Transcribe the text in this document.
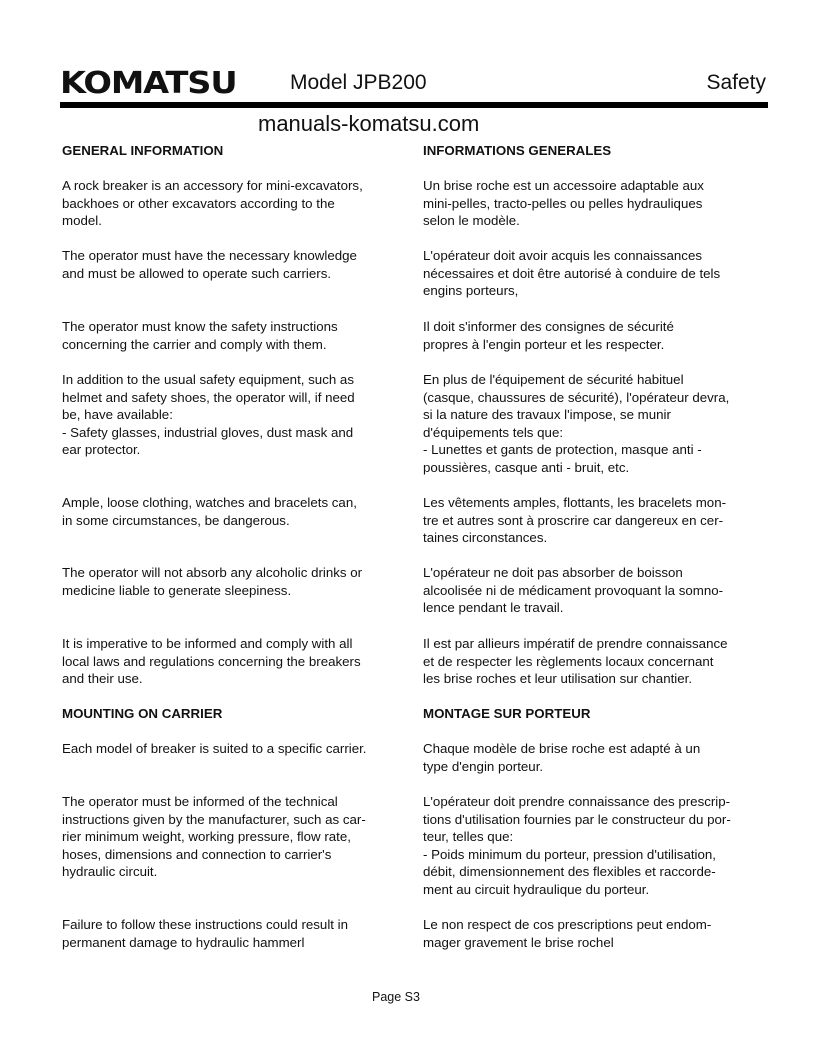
KOMATSU	Model JPB200	Safety
manuals-komatsu.com
GENERAL INFORMATION	INFORMATIONS GENERALES
A rock breaker is an accessory for mini-excavators,
backhoes or other excavators according to the
model.
Un brise roche est un accessoire adaptable aux
mini-pelles, tracto-pelles ou pelles hydrauliques
selon le modèle.
The operator must have the necessary knowledge
and must be allowed to operate such carriers.
L'opérateur doit avoir acquis les connaissances
nécessaires et doit être autorisé à conduire de tels
engins porteurs,
The operator must know the safety instructions
concerning the carrier and comply with them.
Il doit s'informer des consignes de sécurité
propres à l'engin porteur et les respecter.
In addition to the usual safety equipment, such as
helmet and safety shoes, the operator will, if need
be, have available:
- Safety glasses, industrial gloves, dust mask and
ear protector.
En plus de l'équipement de sécurité habituel
(casque, chaussures de sécurité), l'opérateur devra,
si la nature des travaux l'impose, se munir
d'équipements tels que:
- Lunettes et gants de protection, masque anti -
poussières, casque anti - bruit, etc.
Ample, loose clothing, watches and bracelets can,
in some circumstances, be dangerous.
Les vêtements amples, flottants, les bracelets mon-
tre et autres sont à proscrire car dangereux en cer-
taines circonstances.
The operator will not absorb any alcoholic drinks or
medicine liable to generate sleepiness.
L'opérateur ne doit pas absorber de boisson
alcoolisée ni de médicament provoquant la somno-
lence pendant le travail.
It is imperative to be informed and comply with all
local laws and regulations concerning the breakers
and their use.
Il est par allieurs impératif de prendre connaissance
et de respecter les règlements locaux concernant
les brise roches et leur utilisation sur chantier.
MOUNTING ON CARRIER	MONTAGE SUR PORTEUR
Each model of breaker is suited to a specific carrier.	Chaque modèle de brise roche est adapté à un
type d'engin porteur.
The operator must be informed of the technical
instructions given by the manufacturer, such as car-
rier minimum weight, working pressure, flow rate,
hoses, dimensions and connection to carrier's
hydraulic circuit.
L'opérateur doit prendre connaissance des prescrip-
tions d'utilisation fournies par le constructeur du por-
teur, telles que:
- Poids minimum du porteur, pression d'utilisation,
débit, dimensionnement des flexibles et raccorde-
ment au circuit hydraulique du porteur.
Failure to follow these instructions could result in
permanent damage to hydraulic hammerl
Le non respect de cos prescriptions peut endom-
mager gravement le brise rochel
Page S3
